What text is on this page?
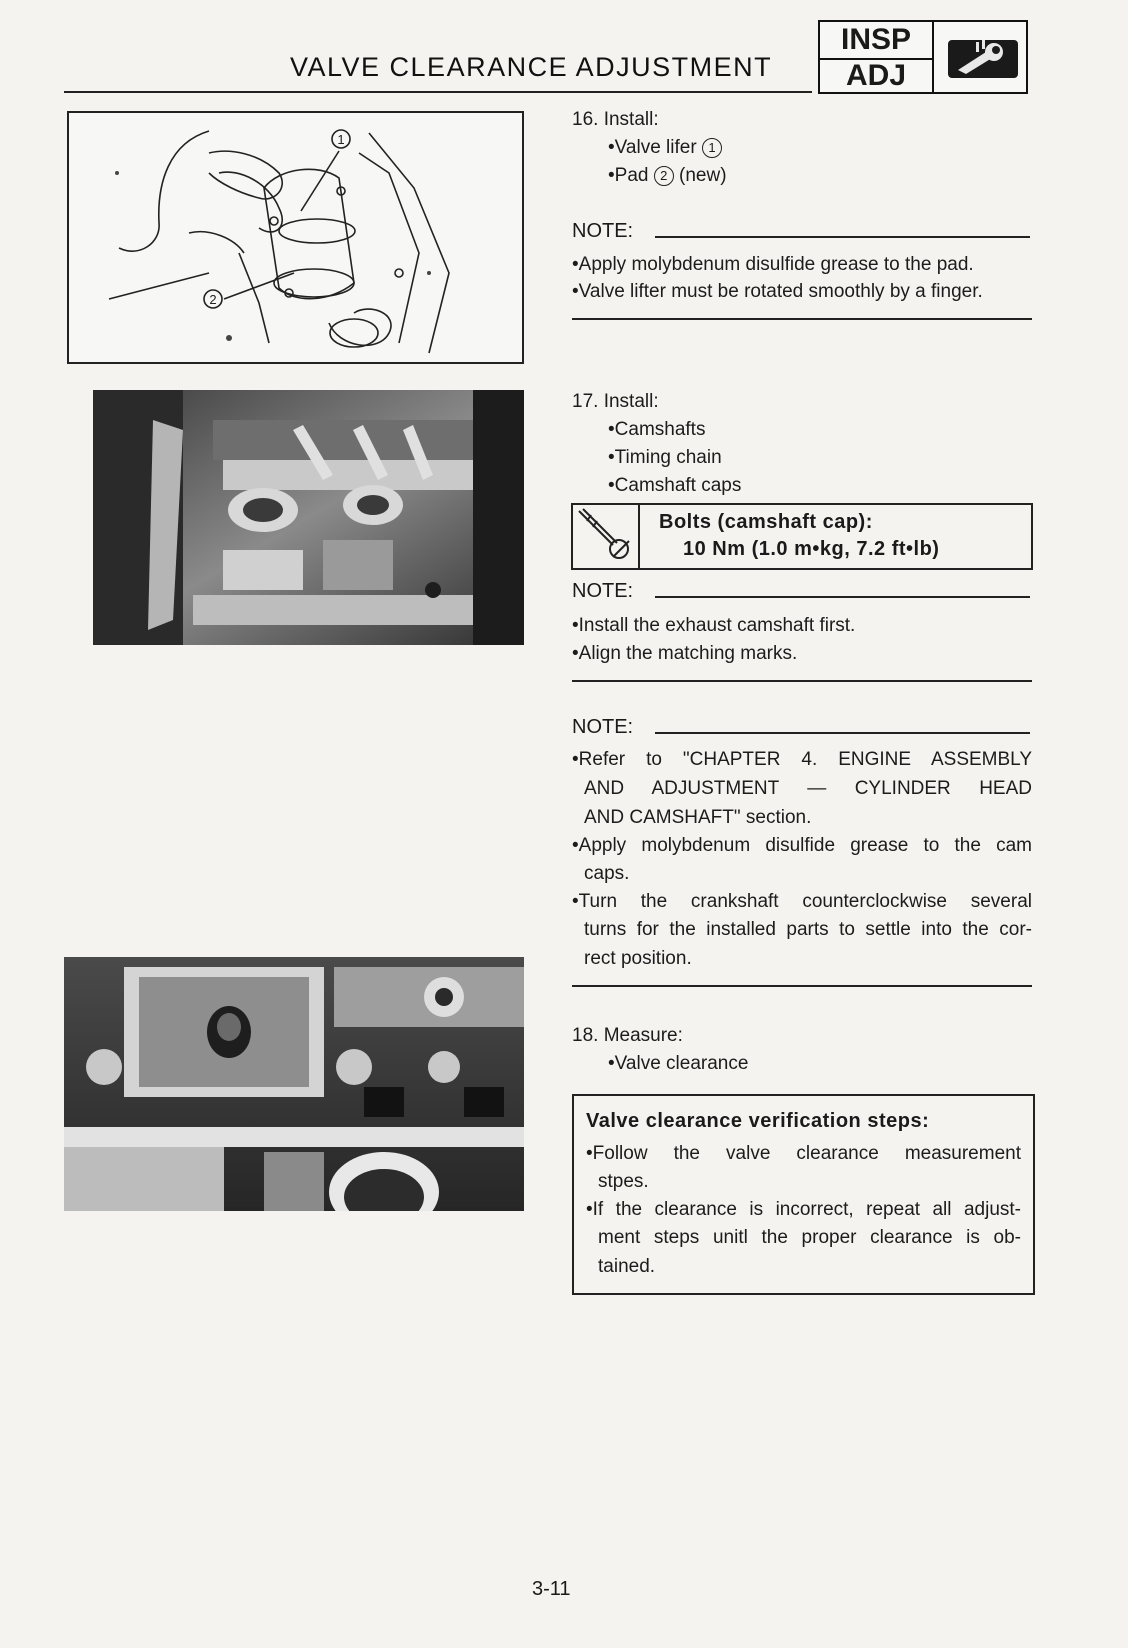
VALVE CLEARANCE ADJUSTMENT
INSP
ADJ
1
2
16. Install:
•Valve lifer 1
•Pad 2 (new)
NOTE:
•Apply molybdenum disulfide grease to the pad.
•Valve lifter must be rotated smoothly by a finger.
17. Install:
•Camshafts
•Timing chain
•Camshaft caps
Bolts (camshaft cap):
10 Nm (1.0 m•kg, 7.2 ft•lb)
NOTE:
•Install the exhaust camshaft first.
•Align the matching marks.
NOTE:
•Refer to "CHAPTER 4. ENGINE ASSEMBLY
AND ADJUSTMENT — CYLINDER HEAD
AND CAMSHAFT" section.
•Apply molybdenum disulfide grease to the cam
caps.
•Turn the crankshaft counterclockwise several
turns for the installed parts to settle into the cor-
rect position.
18. Measure:
•Valve clearance
Valve clearance verification steps:
•Follow the valve clearance measurement
stpes.
•If the clearance is incorrect, repeat all adjust-
ment steps unitl the proper clearance is ob-
tained.
3-11
